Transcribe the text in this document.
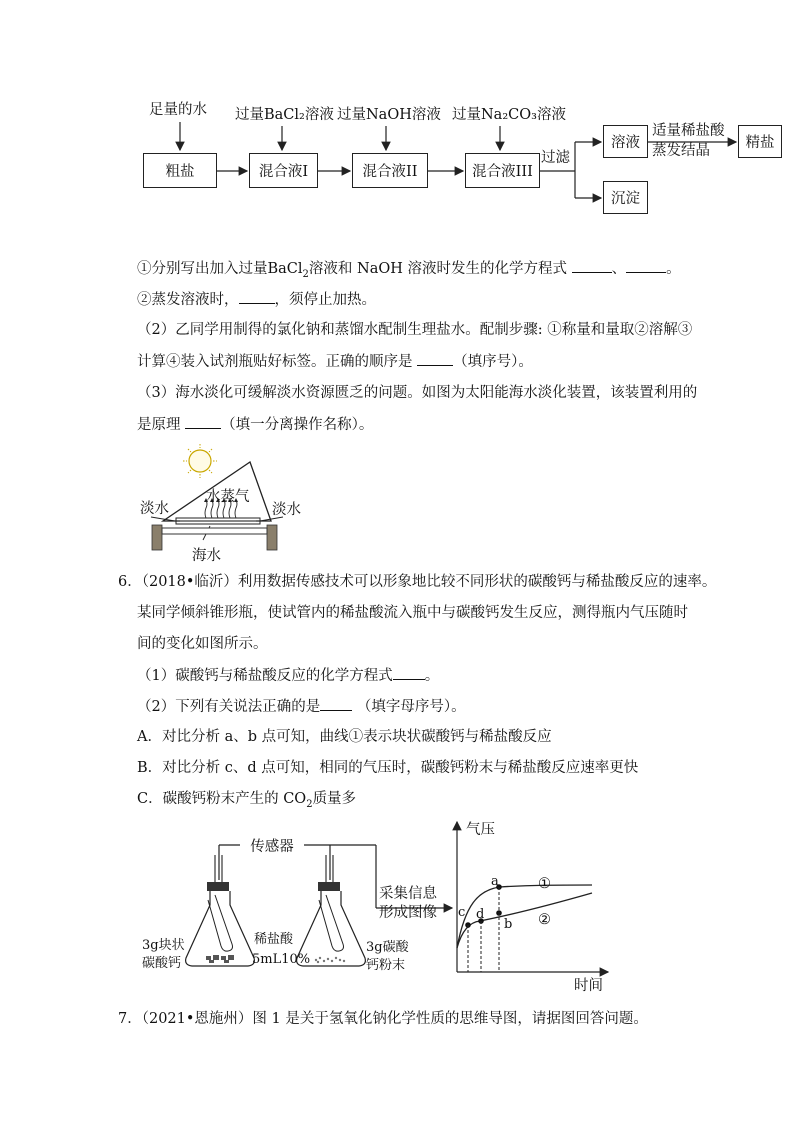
足量的水 过量BaCl₂溶液 过量NaOH溶液 过量Na₂CO₃溶液
粗盐	混合液I	混合液II	混合液III
过滤
溶液
沉淀
适量稀盐酸
蒸发结晶	精盐
①分别写出加入过量BaCl$_2$溶液和 NaOH 溶液时发生的化学方程式	、	。
②蒸发溶液时， ，须停止加热。
（2）乙同学用制得的氯化钠和蒸馏水配制生理盐水。配制步骤: ①称量和量取②溶解③
计算④装入试剂瓶贴好标签。正确的顺序是	（填序号）。
（3）海水淡化可缓解淡水资源匮乏的问题。如图为太阳能海水淡化装置，该装置利用的
是原理	（填一分离操作名称）。
淡水
水蒸气
淡水
海水
6．（2018•临沂）利用数据传感技术可以形象地比较不同形状的碳酸钙与稀盐酸反应的速率。
某同学倾斜锥形瓶，使试管内的稀盐酸流入瓶中与碳酸钙发生反应，测得瓶内气压随时
间的变化如图所示。
（1）碳酸钙与稀盐酸反应的化学方程式 。
（2）下列有关说法正确的是	（填字母序号）。
A．对比分析 a、b 点可知，曲线①表示块状碳酸钙与稀盐酸反应
B．对比分析 c、d 点可知，相同的气压时，碳酸钙粉末与稀盐酸反应速率更快
C．碳酸钙粉末产生的 $CO_2$质量多
传感器
采集信息
形成图像
3g块状
碳酸钙
稀盐酸
5mL10%
3g碳酸
钙粉末
气压
时间
①
②
a
b
c d
7．（2021•恩施州）图 1 是关于氢氧化钠化学性质的思维导图，请据图回答问题。
